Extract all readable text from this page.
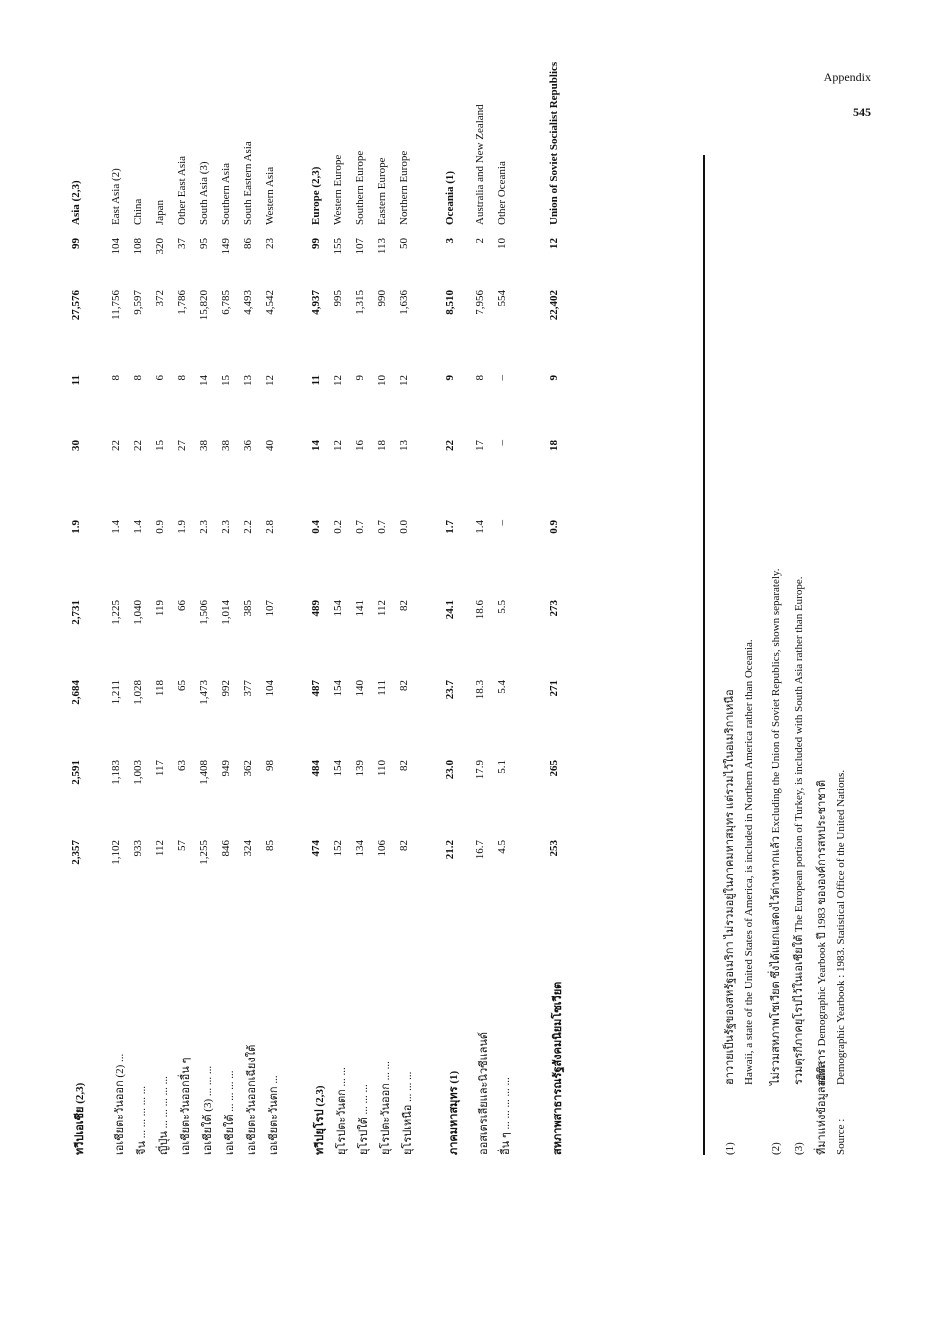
Appendix
545
ทวีปเอเชีย (2,3)
2,357
2,591
2,684
2,731
1.9
30
11
27,576
99
Asia (2,3)
เอเชียตะวันออก (2) ...
1,102
1,183
1,211
1,225
1.4
22
8
11,756
104
East Asia (2)
จีน ... ... ... ... ...
933
1,003
1,028
1,040
1.4
22
8
9,597
108
China
ญี่ปุ่น ... ... ... ... ...
112
117
118
119
0.9
15
6
372
320
Japan
เอเชียตะวันออกอื่น ๆ
57
63
65
66
1.9
27
8
1,786
37
Other East Asia
เอเชียใต้ (3) ... ... ...
1,255
1,408
1,473
1,506
2.3
38
14
15,820
95
South Asia (3)
เอเชียใต้ ... ... ... ...
846
949
992
1,014
2.3
38
15
6,785
149
Southern Asia
เอเชียตะวันออกเฉียงใต้
324
362
377
385
2.2
36
13
4,493
86
South Eastern Asia
เอเชียตะวันตก ...
85
98
104
107
2.8
40
12
4,542
23
Western Asia
ทวีปยุโรป (2,3)
474
484
487
489
0.4
14
11
4,937
99
Europe (2,3)
ยุโรปตะวันตก ... ...
152
154
154
154
0.2
12
12
995
155
Western Europe
ยุโรปใต้ ... ... ...
134
139
140
141
0.7
16
9
1,315
107
Southern Europe
ยุโรปตะวันออก ... ...
106
110
111
112
0.7
18
10
990
113
Eastern Europe
ยุโรปเหนือ ... ... ...
82
82
82
82
0.0
13
12
1,636
50
Northern Europe
ภาคมหาสมุทร (1)
21.2
23.0
23.7
24.1
1.7
22
9
8,510
3
Oceania (1)
ออสเตรเลียและนิวซีแลนด์
16.7
17.9
18.3
18.6
1.4
17
8
7,956
2
Australia and New Zealand
อื่น ๆ ... ... ... ... ...
4.5
5.1
5.4
5.5
–
–
–
554
10
Other Oceania
สหภาพสาธารณรัฐสังคมนิยมโซเวียต
253
265
271
273
0.9
18
9
22,402
12
Union of Soviet Socialist Republics
(1)ฮาวายเป็นรัฐของสหรัฐอเมริกา ไม่รวมอยู่ในภาคมหาสมุทร แต่รวมไว้ในอเมริกาเหนือ Hawaii, a state of the United States of America, is included in Northern America rather than Oceania.
(2)ไม่รวมสหภาพโซเวียต ซึ่งได้แยกแสดงไว้ต่างหากแล้ว Excluding the Union of Soviet Republics, shown separately.
(3)รวมตุรกีภาคยุโรปไว้ในเอเชียใต้ The European portion of Turkey, is included with South Asia rather than Europe.
ที่มาแห่งข้อมูลสถิติ :เอกสาร Demographic Yearbook ปี 1983 ขององค์การสหประชาชาติ
Source :Demographic Yearbook : 1983. Statistical Office of the United Nations.
